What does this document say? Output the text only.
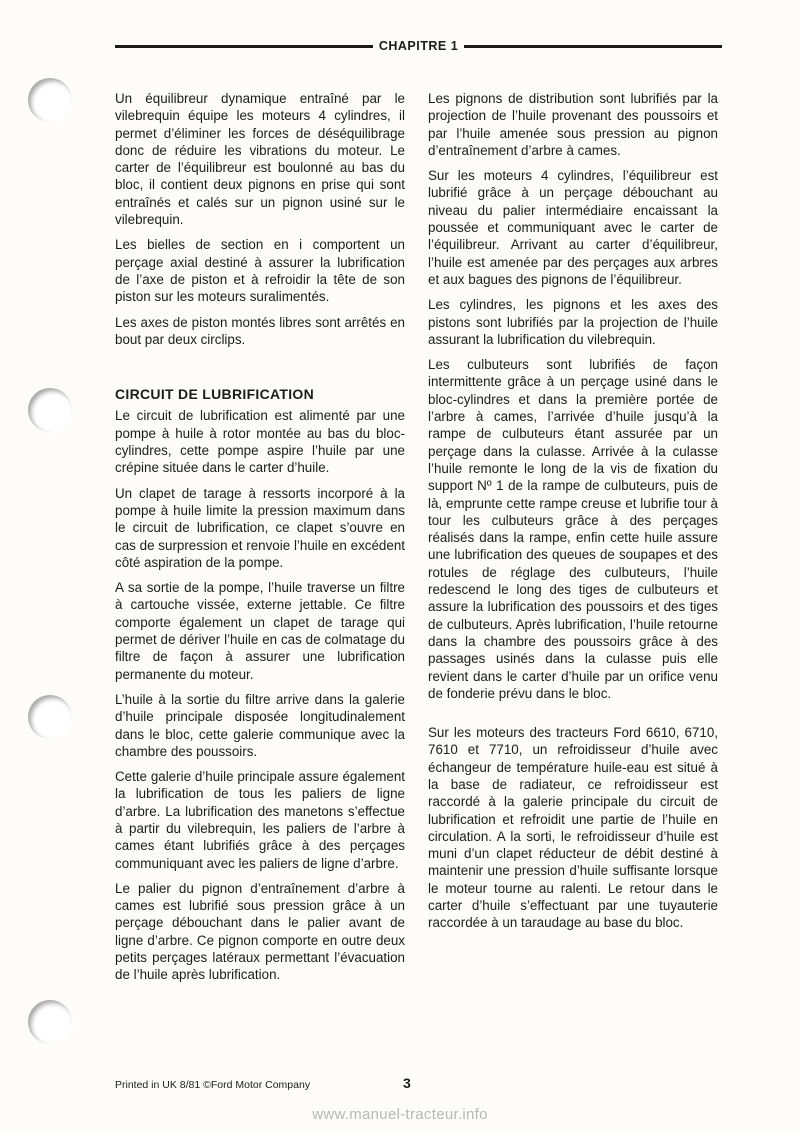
CHAPITRE 1

Un équilibreur dynamique entraîné par le vilebrequin équipe les moteurs 4 cylindres, il permet d’éliminer les forces de déséquilibrage donc de réduire les vibrations du moteur. Le carter de l’équilibreur est boulonné au bas du bloc, il contient deux pignons en prise qui sont entraînés et calés sur un pignon usiné sur le vilebrequin.

Les bielles de section en i comportent un perçage axial destiné à assurer la lubrification de l’axe de piston et à refroidir la tête de son piston sur les moteurs suralimentés.

Les axes de piston montés libres sont arrêtés en bout par deux circlips.

CIRCUIT DE LUBRIFICATION

Le circuit de lubrification est alimenté par une pompe à huile à rotor montée au bas du bloc-cylindres, cette pompe aspire l’huile par une crépine située dans le carter d’huile.

Un clapet de tarage à ressorts incorporé à la pompe à huile limite la pression maximum dans le circuit de lubrification, ce clapet s’ouvre en cas de surpression et renvoie l’huile en excédent côté aspiration de la pompe.

A sa sortie de la pompe, l’huile traverse un filtre à cartouche vissée, externe jettable. Ce filtre comporte également un clapet de tarage qui permet de dériver l’huile en cas de colmatage du filtre de façon à assurer une lubrification permanente du moteur.

L’huile à la sortie du filtre arrive dans la galerie d’huile principale disposée longitudinalement dans le bloc, cette galerie communique avec la chambre des poussoirs.

Cette galerie d’huile principale assure également la lubrification de tous les paliers de ligne d’arbre. La lubrification des manetons s’effectue à partir du vilebrequin, les paliers de l’arbre à cames étant lubrifiés grâce à des perçages communiquant avec les paliers de ligne d’arbre.

Le palier du pignon d’entraînement d’arbre à cames est lubrifié sous pression grâce à un perçage débouchant dans le palier avant de ligne d’arbre. Ce pignon comporte en outre deux petits perçages latéraux permettant l’évacuation de l’huile après lubrification.

Les pignons de distribution sont lubrifiés par la projection de l’huile provenant des poussoirs et par l’huile amenée sous pression au pignon d’entraînement d’arbre à cames.

Sur les moteurs 4 cylindres, l’équilibreur est lubrifié grâce à un perçage débouchant au niveau du palier intermédiaire encaissant la poussée et communiquant avec le carter de l’équilibreur. Arrivant au carter d’équilibreur, l’huile est amenée par des perçages aux arbres et aux bagues des pignons de l’équilibreur.

Les cylindres, les pignons et les axes des pistons sont lubrifiés par la projection de l’huile assurant la lubrification du vilebrequin.

Les culbuteurs sont lubrifiés de façon intermittente grâce à un perçage usiné dans le bloc-cylindres et dans la première portée de l’arbre à cames, l’arrivée d’huile jusqu’à la rampe de culbuteurs étant assurée par un perçage dans la culasse. Arrivée à la culasse l’huile remonte le long de la vis de fixation du support Nº 1 de la rampe de culbuteurs, puis de là, emprunte cette rampe creuse et lubrifie tour à tour les culbuteurs grâce à des perçages réalisés dans la rampe, enfin cette huile assure une lubrification des queues de soupapes et des rotules de réglage des culbuteurs, l’huile redescend le long des tiges de culbuteurs et assure la lubrification des poussoirs et des tiges de culbuteurs. Après lubrification, l’huile retourne dans la chambre des poussoirs grâce à des passages usinés dans la culasse puis elle revient dans le carter d’huile par un orifice venu de fonderie prévu dans le bloc.

Sur les moteurs des tracteurs Ford 6610, 6710, 7610 et 7710, un refroidisseur d’huile avec échangeur de température huile-eau est situé à la base de radiateur, ce refroidisseur est raccordé à la galerie principale du circuit de lubrification et refroidit une partie de l’huile en circulation. A la sorti, le refroidisseur d’huile est muni d’un clapet réducteur de débit destiné à maintenir une pression d’huile suffisante lorsque le moteur tourne au ralenti. Le retour dans le carter d’huile s’effectuant par une tuyauterie raccordée à un taraudage au base du bloc.

Printed in UK 8/81 ©Ford Motor Company	3
www.manuel-tracteur.info
